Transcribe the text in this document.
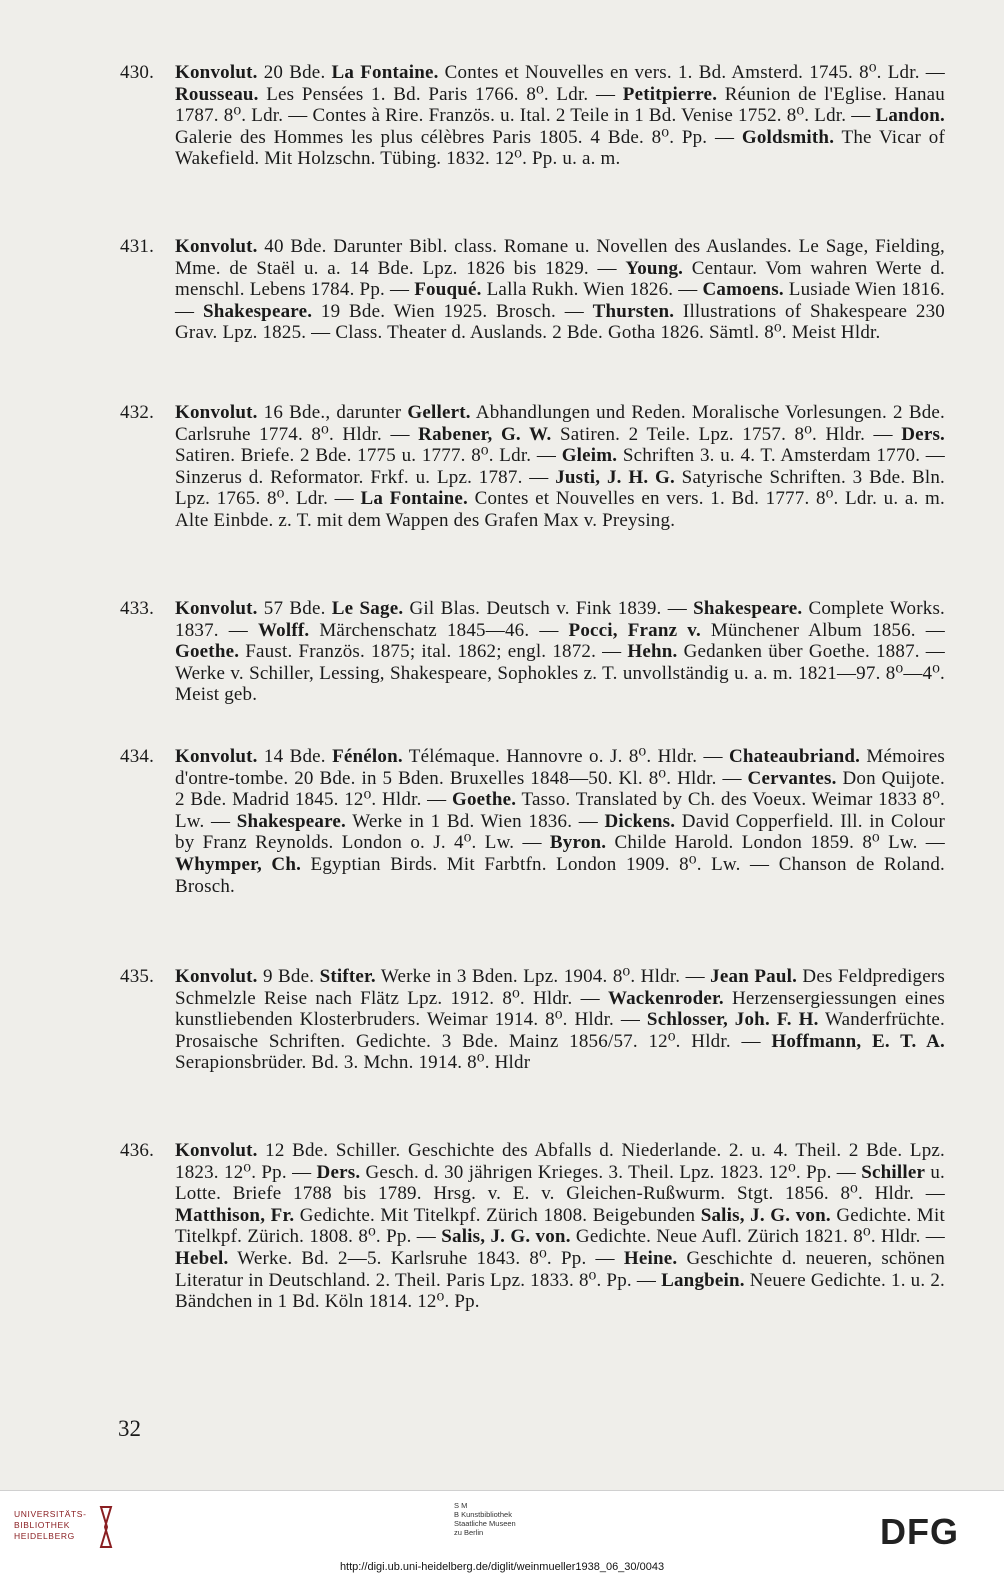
430. Konvolut. 20 Bde. La Fontaine. Contes et Nouvelles en vers. 1. Bd. Amsterd. 1745. 8⁰. Ldr. — Rousseau. Les Pensées 1. Bd. Paris 1766. 8⁰. Ldr. — Petitpierre. Réunion de l'Eglise. Hanau 1787. 8⁰. Ldr. — Contes à Rire. Französ. u. Ital. 2 Teile in 1 Bd. Venise 1752. 8⁰. Ldr. — Landon. Galerie des Hommes les plus célèbres Paris 1805. 4 Bde. 8⁰. Pp. — Goldsmith. The Vicar of Wakefield. Mit Holzschn. Tübing. 1832. 12⁰. Pp. u. a. m.
431. Konvolut. 40 Bde. Darunter Bibl. class. Romane u. Novellen des Auslandes. Le Sage, Fielding, Mme. de Staël u. a. 14 Bde. Lpz. 1826 bis 1829. — Young. Centaur. Vom wahren Werte d. menschl. Lebens 1784. Pp. — Fouqué. Lalla Rukh. Wien 1826. — Camoens. Lusiade Wien 1816. — Shakespeare. 19 Bde. Wien 1925. Brosch. — Thursten. Illustrations of Shakespeare 230 Grav. Lpz. 1825. — Class. Theater d. Auslands. 2 Bde. Gotha 1826. Sämtl. 8⁰. Meist Hldr.
432. Konvolut. 16 Bde., darunter Gellert. Abhandlungen und Reden. Moralische Vorlesungen. 2 Bde. Carlsruhe 1774. 8⁰. Hldr. — Rabener, G. W. Satiren. 2 Teile. Lpz. 1757. 8⁰. Hldr. — Ders. Satiren. Briefe. 2 Bde. 1775 u. 1777. 8⁰. Ldr. — Gleim. Schriften 3. u. 4. T. Amsterdam 1770. — Sinzerus d. Reformator. Frkf. u. Lpz. 1787. — Justi, J. H. G. Satyrische Schriften. 3 Bde. Bln. Lpz. 1765. 8⁰. Ldr. — La Fontaine. Contes et Nouvelles en vers. 1. Bd. 1777. 8⁰. Ldr. u. a. m. Alte Einbde. z. T. mit dem Wappen des Grafen Max v. Preysing.
433. Konvolut. 57 Bde. Le Sage. Gil Blas. Deutsch v. Fink 1839. — Shakespeare. Complete Works. 1837. — Wolff. Märchenschatz 1845—46. — Pocci, Franz v. Münchener Album 1856. — Goethe. Faust. Französ. 1875; ital. 1862; engl. 1872. — Hehn. Gedanken über Goethe. 1887. — Werke v. Schiller, Lessing, Shakespeare, Sophokles z. T. unvollständig u. a. m. 1821—97. 8⁰—4⁰. Meist geb.
434. Konvolut. 14 Bde. Fénélon. Télémaque. Hannovre o. J. 8⁰. Hldr. — Chateaubriand. Mémoires d'ontre-tombe. 20 Bde. in 5 Bden. Bruxelles 1848—50. Kl. 8⁰. Hldr. — Cervantes. Don Quijote. 2 Bde. Madrid 1845. 12⁰. Hldr. — Goethe. Tasso. Translated by Ch. des Voeux. Weimar 1833 8⁰. Lw. — Shakespeare. Werke in 1 Bd. Wien 1836. — Dickens. David Copperfield. Ill. in Colour by Franz Reynolds. London o. J. 4⁰. Lw. — Byron. Childe Harold. London 1859. 8⁰ Lw. — Whymper, Ch. Egyptian Birds. Mit Farbtfn. London 1909. 8⁰. Lw. — Chanson de Roland. Brosch.
435. Konvolut. 9 Bde. Stifter. Werke in 3 Bden. Lpz. 1904. 8⁰. Hldr. — Jean Paul. Des Feldpredigers Schmelzle Reise nach Flätz Lpz. 1912. 8⁰. Hldr. — Wackenroder. Herzensergiessungen eines kunstliebenden Klosterbruders. Weimar 1914. 8⁰. Hldr. — Schlosser, Joh. F. H. Wanderfrüchte. Prosaische Schriften. Gedichte. 3 Bde. Mainz 1856/57. 12⁰. Hldr. — Hoffmann, E. T. A. Serapionsbrüder. Bd. 3. Mchn. 1914. 8⁰. Hldr
436. Konvolut. 12 Bde. Schiller. Geschichte des Abfalls d. Niederlande. 2. u. 4. Theil. 2 Bde. Lpz. 1823. 12⁰. Pp. — Ders. Gesch. d. 30 jährigen Krieges. 3. Theil. Lpz. 1823. 12⁰. Pp. — Schiller u. Lotte. Briefe 1788 bis 1789. Hrsg. v. E. v. Gleichen-Rußwurm. Stgt. 1856. 8⁰. Hldr. — Matthison, Fr. Gedichte. Mit Titelkpf. Zürich 1808. Beigebunden Salis, J. G. von. Gedichte. Mit Titelkpf. Zürich. 1808. 8⁰. Pp. — Salis, J. G. von. Gedichte. Neue Aufl. Zürich 1821. 8⁰. Hldr. — Hebel. Werke. Bd. 2—5. Karlsruhe 1843. 8⁰. Pp. — Heine. Geschichte d. neueren, schönen Literatur in Deutschland. 2. Theil. Paris Lpz. 1833. 8⁰. Pp. — Langbein. Neuere Gedichte. 1. u. 2. Bändchen in 1 Bd. Köln 1814. 12⁰. Pp.
32
UNIVERSITÄTS-
BIBLIOTHEK
HEIDELBERG
S M
B Kunstbibliothek
Staatliche Museen
zu Berlin	DFG
http://digi.ub.uni-heidelberg.de/diglit/weinmueller1938_06_30/0043
